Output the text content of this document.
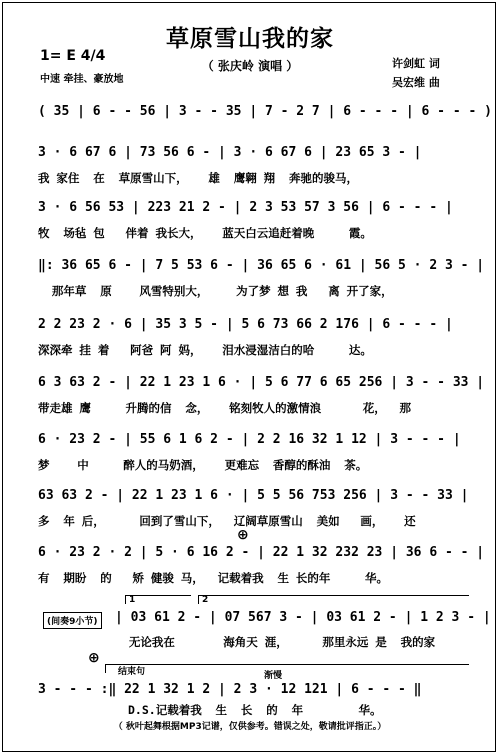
草原雪山我的家
（ 张庆岭 演唱 ）
1= E 4/4
中速 牵挂、豪放地
许剑虹 词
吴宏维 曲
( 35 | 6 - - 56 | 3 - - 35 | 7 - 2 7 | 6 - - - | 6 - - - )
3 · 6 67 6 | 73 56 6 - | 3 · 6 67 6 | 23 65 3 - |
我 家住  在  草原雪山下，   雄  鹰翱 翔  奔驰的骏马，
3 · 6 56 53 | 223 21 2 - | 2 3 53 57 3 56 | 6 - - - |
牧  场毡 包   伴着 我长大，   蓝天白云追赶着晚     霞。
‖: 36 65 6 - | 7 5 53 6 - | 36 65 6 · 61 | 56 5 · 2 3 - |
那年草  原    风雪特别大，    为了梦 想 我   离 开了家，
2 2 23 2 · 6 | 35 3 5 - | 5 6 73 66 2 176 | 6 - - - |
深深牵 挂 着   阿爸 阿 妈，   泪水浸湿洁白的哈     达。
6 3 63 2 - | 22 1 23 1 6 · | 5 6 77 6 65 256 | 3 - - 33 |
带走雄 鹰     升腾的信  念，   铭刻牧人的激情浪      花，  那
6 · 23 2 - | 55 6 1 6 2 - | 2 2 16 32 1 12 | 3 - - - |
梦    中     醉人的马奶酒，   更难忘  香醇的酥油  茶。
63 63 2 - | 22 1 23 1 6 · | 5 5 56 753 256 | 3 - - 33 |
多  年 后，     回到了雪山下，  辽阔草原雪山  美如   画，   还
⊕
6 · 23 2 · 2 | 5 · 6 16 2 - | 22 1 32 232 23 | 36 6 - - |
有  期盼  的   矫 健骏 马，  记载着我  生 长的年     华。
1	2
(间奏9小节)	| 03 61 2 - | 07 567 3 - | 03 61 2 - | 1 2 3 - |
无论我在       海角天 涯，     那里永远 是  我的家
⊕
结束句	渐慢
3 - - - :‖ 22 1 32 1 2 | 2 3 · 12 121 | 6 - - - ‖
D.S.记载着我  生  长  的  年        华。
（ 秋叶起舞根据MP3记谱，仅供参考。错误之处，敬请批评指正。）
